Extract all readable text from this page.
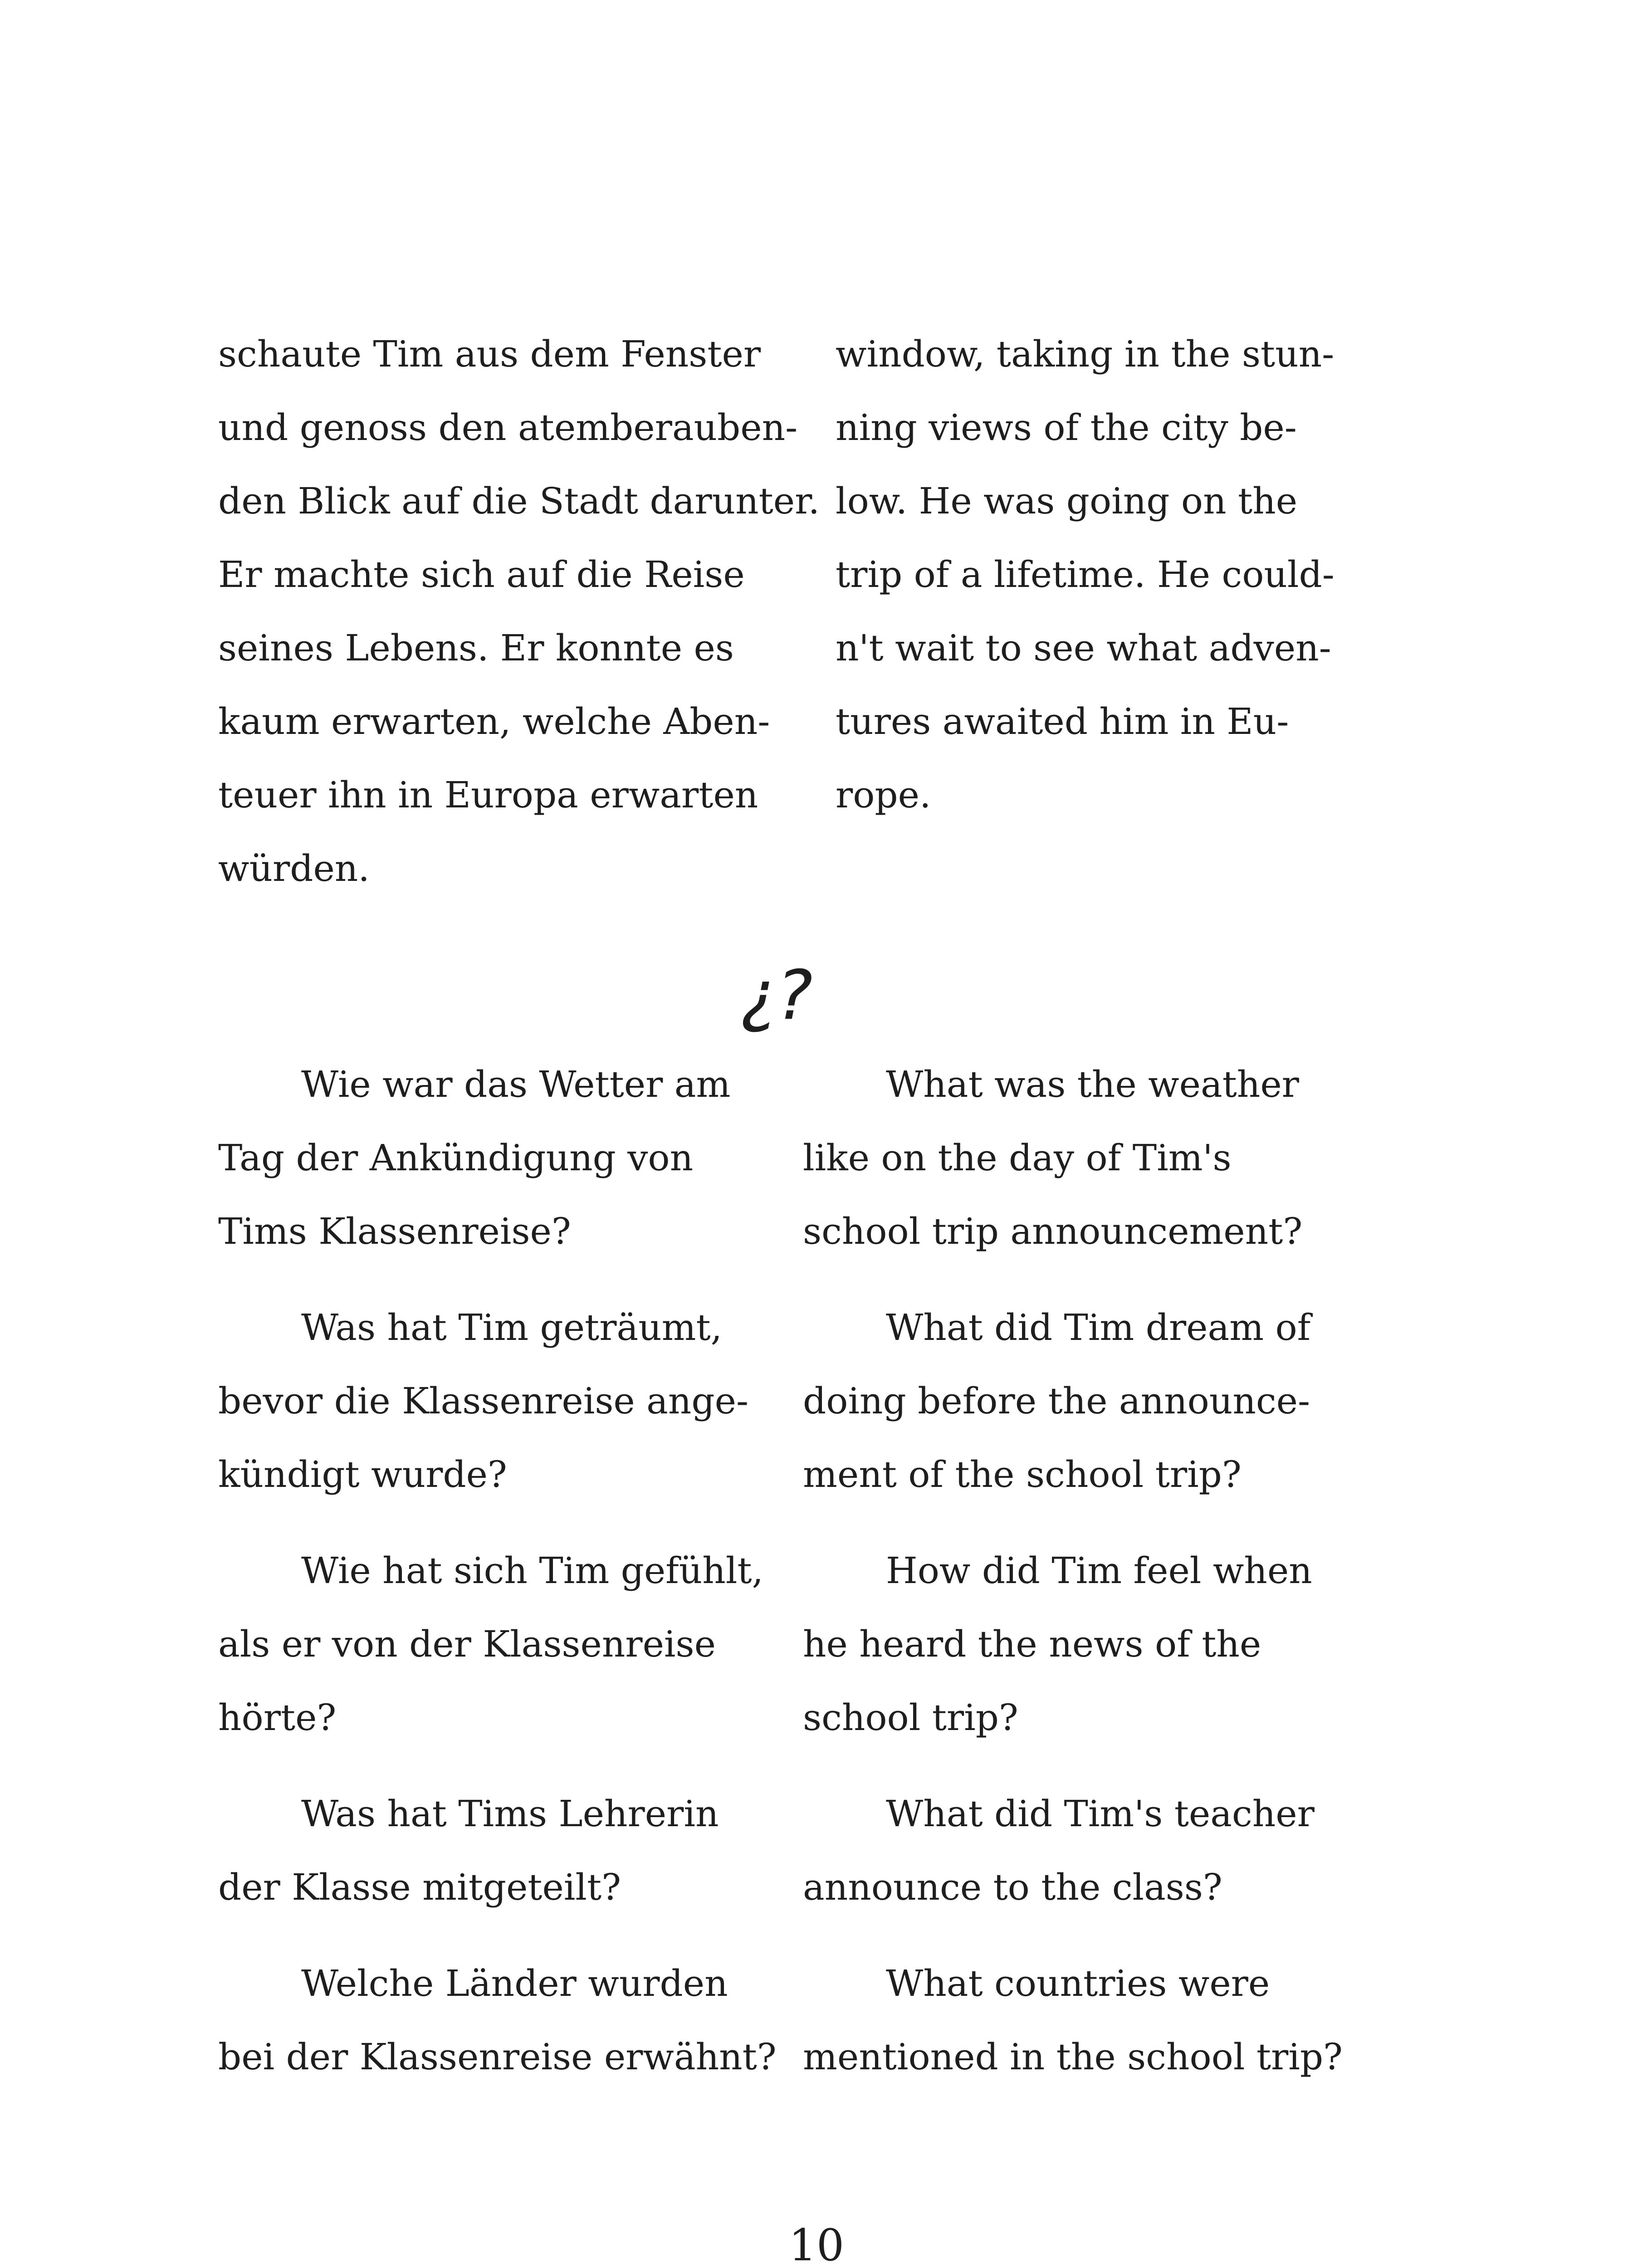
schaute Tim aus dem Fenster
und genoss den atemberauben-
den Blick auf die Stadt darunter.
Er machte sich auf die Reise
seines Lebens. Er konnte es
kaum erwarten, welche Aben-
teuer ihn in Europa erwarten
würden.
window, taking in the stun-
ning views of the city be-
low. He was going on the
trip of a lifetime. He could-
n't wait to see what adven-
tures awaited him in Eu-
rope.
¿?
Wie war das Wetter am
Tag der Ankündigung von
Tims Klassenreise?
What was the weather
like on the day of Tim's
school trip announcement?
Was hat Tim geträumt,
bevor die Klassenreise ange-
kündigt wurde?
What did Tim dream of
doing before the announce-
ment of the school trip?
Wie hat sich Tim gefühlt,
als er von der Klassenreise
hörte?
How did Tim feel when
he heard the news of the
school trip?
Was hat Tims Lehrerin
der Klasse mitgeteilt?
What did Tim's teacher
announce to the class?
Welche Länder wurden
bei der Klassenreise erwähnt?
What countries were
mentioned in the school trip?
10
